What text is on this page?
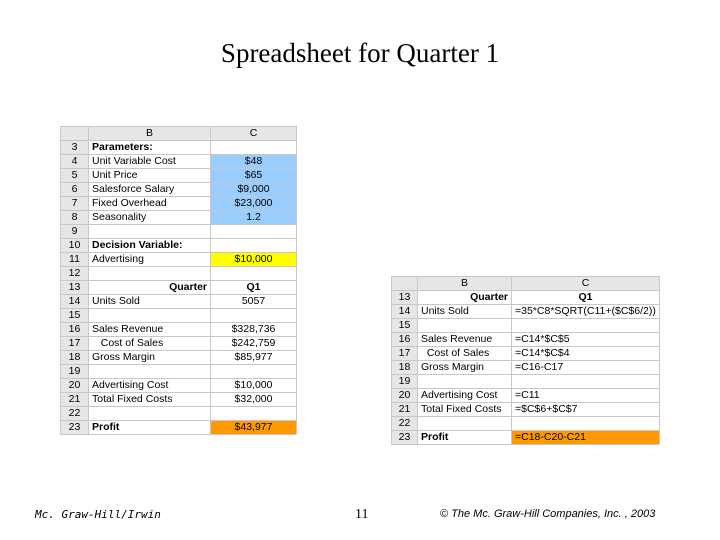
Spreadsheet for Quarter 1
	B	C
3	Parameters:	
4	Unit Variable Cost	$48
5	Unit Price	$65
6	Salesforce Salary	$9,000
7	Fixed Overhead	$23,000
8	Seasonality	1.2
9		
10	Decision Variable:	
11	Advertising	$10,000
12		
13	Quarter	Q1
14	Units Sold	5057
15		
16	Sales Revenue	$328,736
17	Cost of Sales	$242,759
18	Gross Margin	$85,977
19		
20	Advertising Cost	$10,000
21	Total Fixed Costs	$32,000
22		
23	Profit	$43,977
	B	C
13	Quarter	Q1
14	Units Sold	=35*C8*SQRT(C11+($C$6/2))
15		
16	Sales Revenue	=C14*$C$5
17	Cost of Sales	=C14*$C$4
18	Gross Margin	=C16-C17
19		
20	Advertising Cost	=C11
21	Total Fixed Costs	=$C$6+$C$7
22		
23	Profit	=C18-C20-C21
Mc. Graw-Hill/Irwin	11	© The Mc. Graw-Hill Companies, Inc. , 2003
